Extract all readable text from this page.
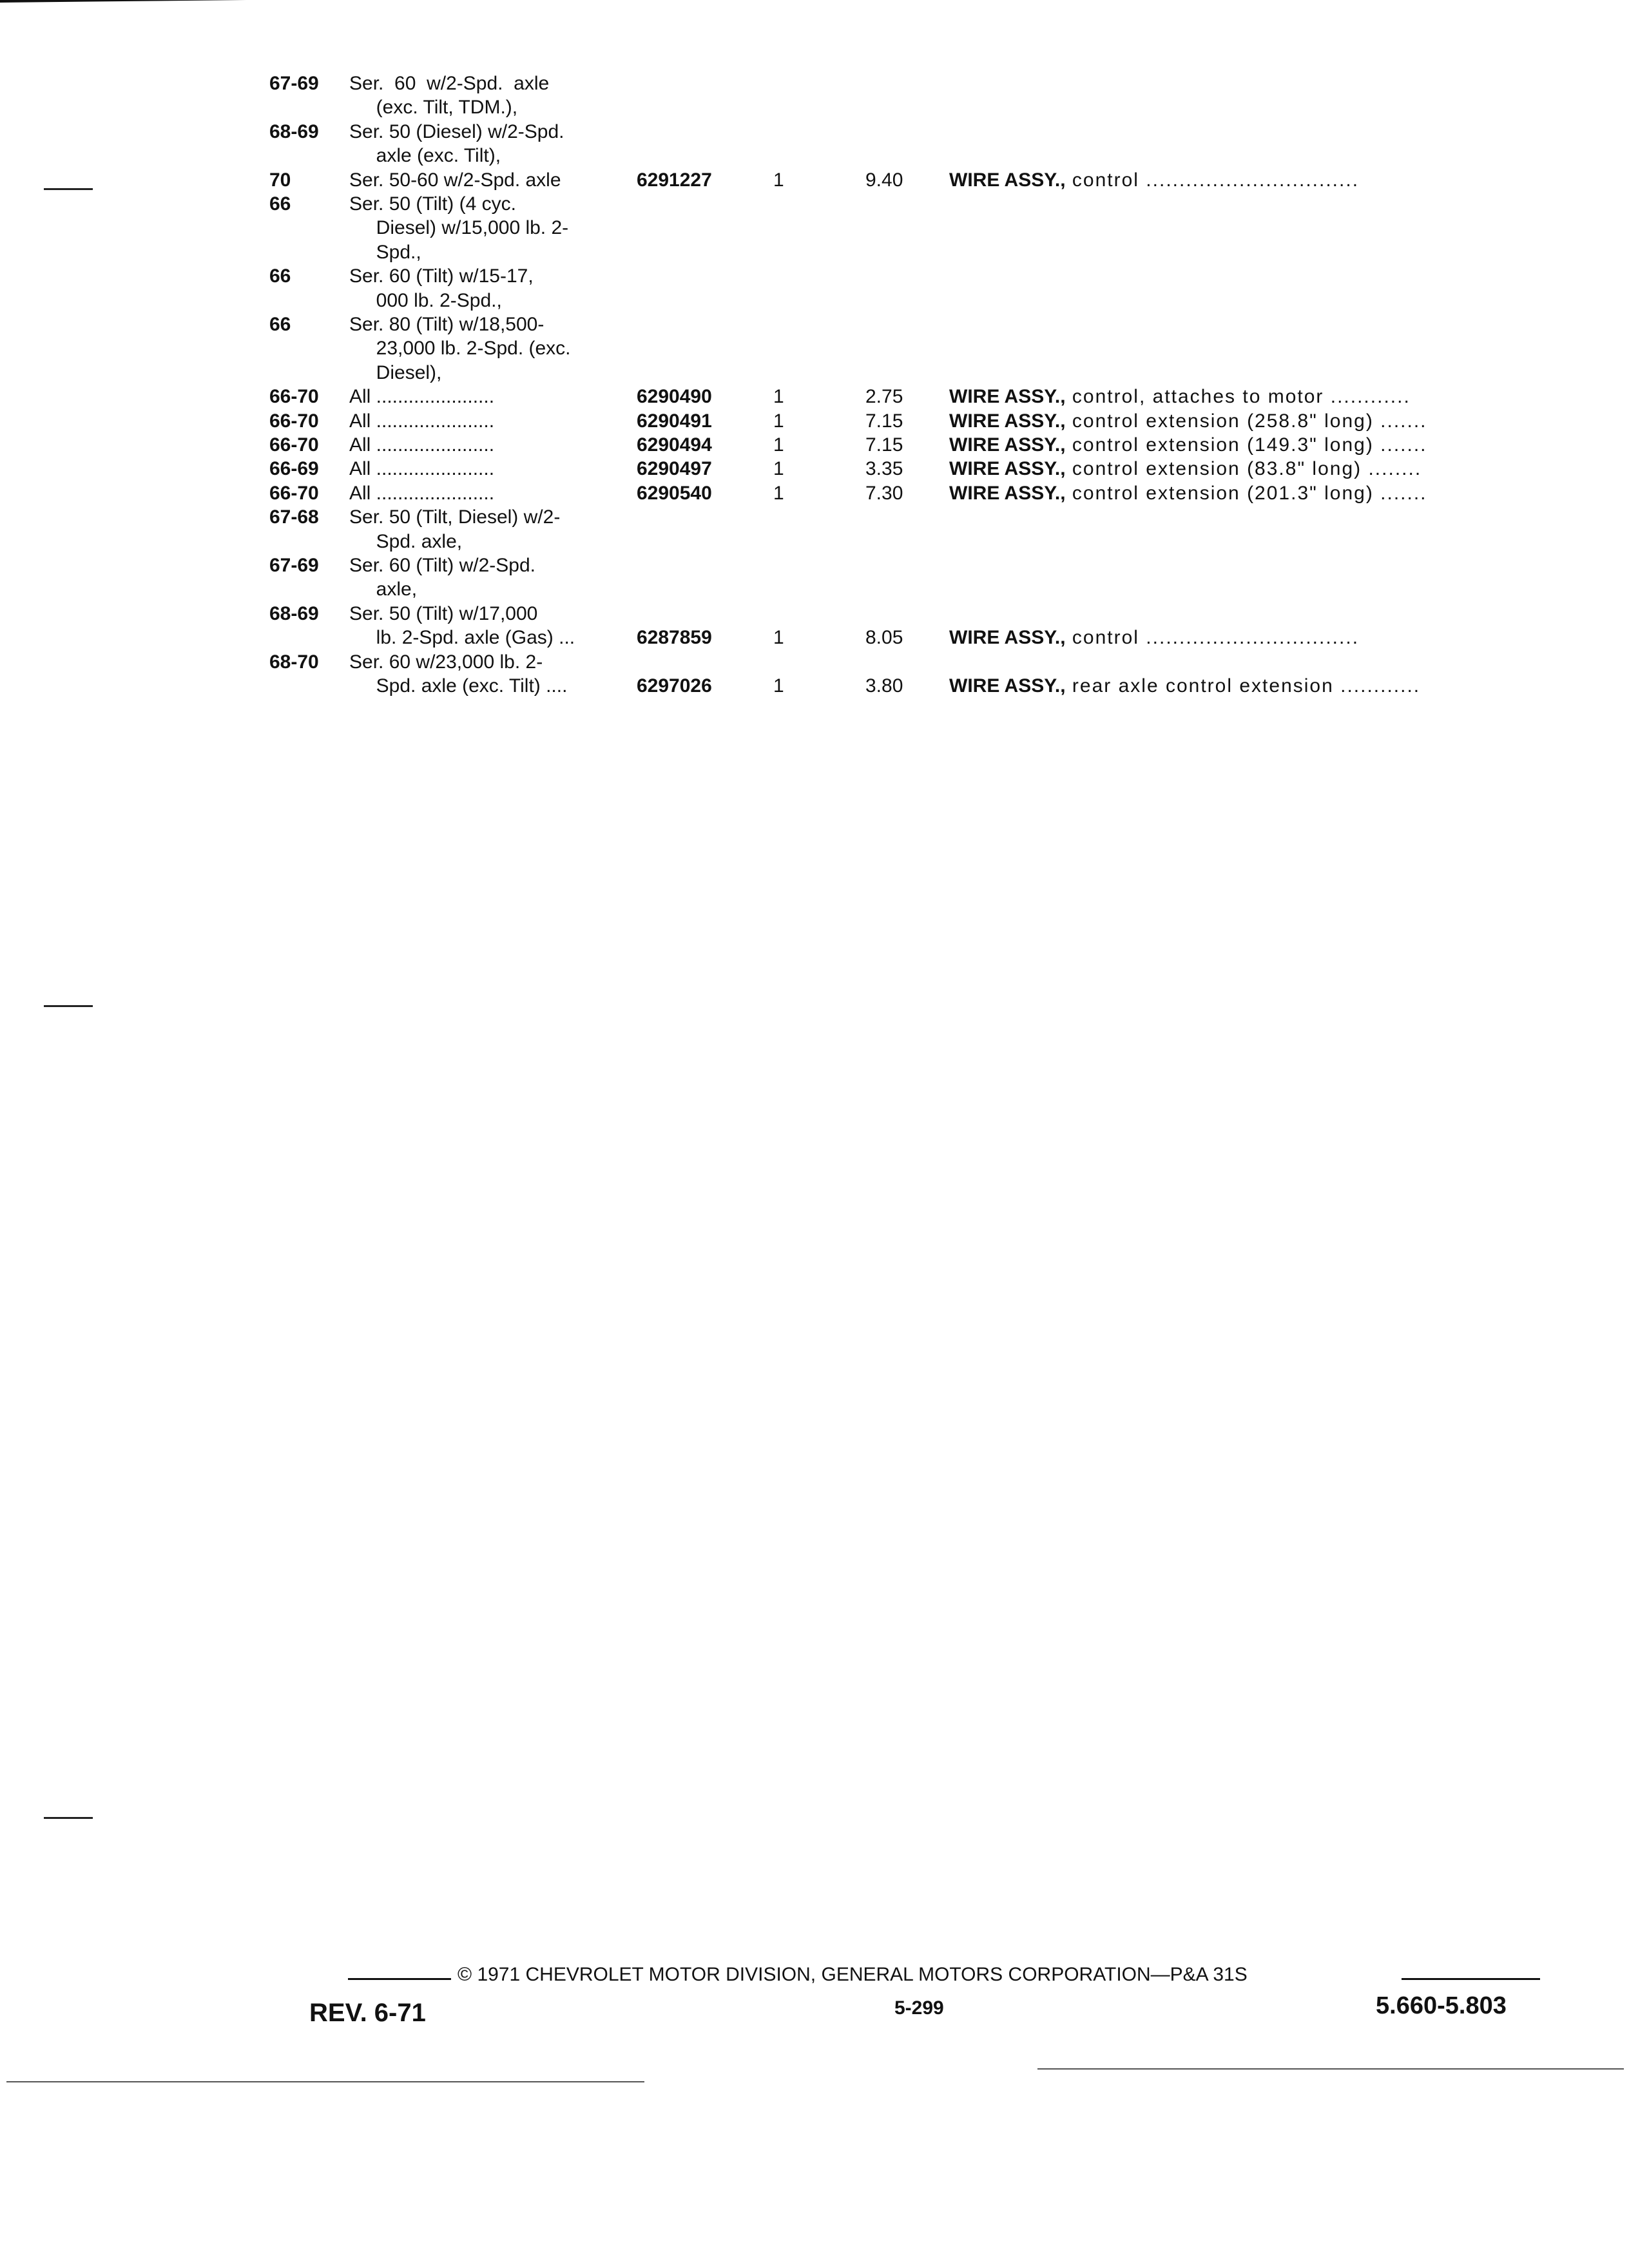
67-69 Ser.  60  w/2-Spd.  axle
(exc. Tilt, TDM.),
68-69 Ser. 50 (Diesel) w/2-Spd.
axle (exc. Tilt),
70	Ser. 50-60 w/2-Spd. axle	6291227	1	9.40 WIRE ASSY., control ................................
66	Ser. 50 (Tilt) (4 cyc.
Diesel) w/15,000 lb. 2-
Spd.,
66	Ser. 60 (Tilt) w/15-17,
000 lb. 2-Spd.,
66	Ser. 80 (Tilt) w/18,500-
23,000 lb. 2-Spd. (exc.
Diesel),
66-70 All ......................	6290490	1	2.75 WIRE ASSY., control, attaches to motor ............
66-70 All ......................	6290491	1	7.15 WIRE ASSY., control extension (258.8" long) .......
66-70 All ......................	6290494	1	7.15 WIRE ASSY., control extension (149.3" long) .......
66-69 All ......................	6290497	1	3.35 WIRE ASSY., control extension (83.8" long) ........
66-70 All ......................	6290540	1	7.30 WIRE ASSY., control extension (201.3" long) .......
67-68 Ser. 50 (Tilt, Diesel) w/2-
Spd. axle,
67-69 Ser. 60 (Tilt) w/2-Spd.
axle,
68-69 Ser. 50 (Tilt) w/17,000
lb. 2-Spd. axle (Gas) ...	6287859	1	8.05 WIRE ASSY., control ................................
68-70 Ser. 60 w/23,000 lb. 2-
Spd. axle (exc. Tilt) ....	6297026	1	3.80 WIRE ASSY., rear axle control extension ............
© 1971 CHEVROLET MOTOR DIVISION, GENERAL MOTORS CORPORATION—P&A 31S
REV. 6-71	5-299	5.660-5.803
